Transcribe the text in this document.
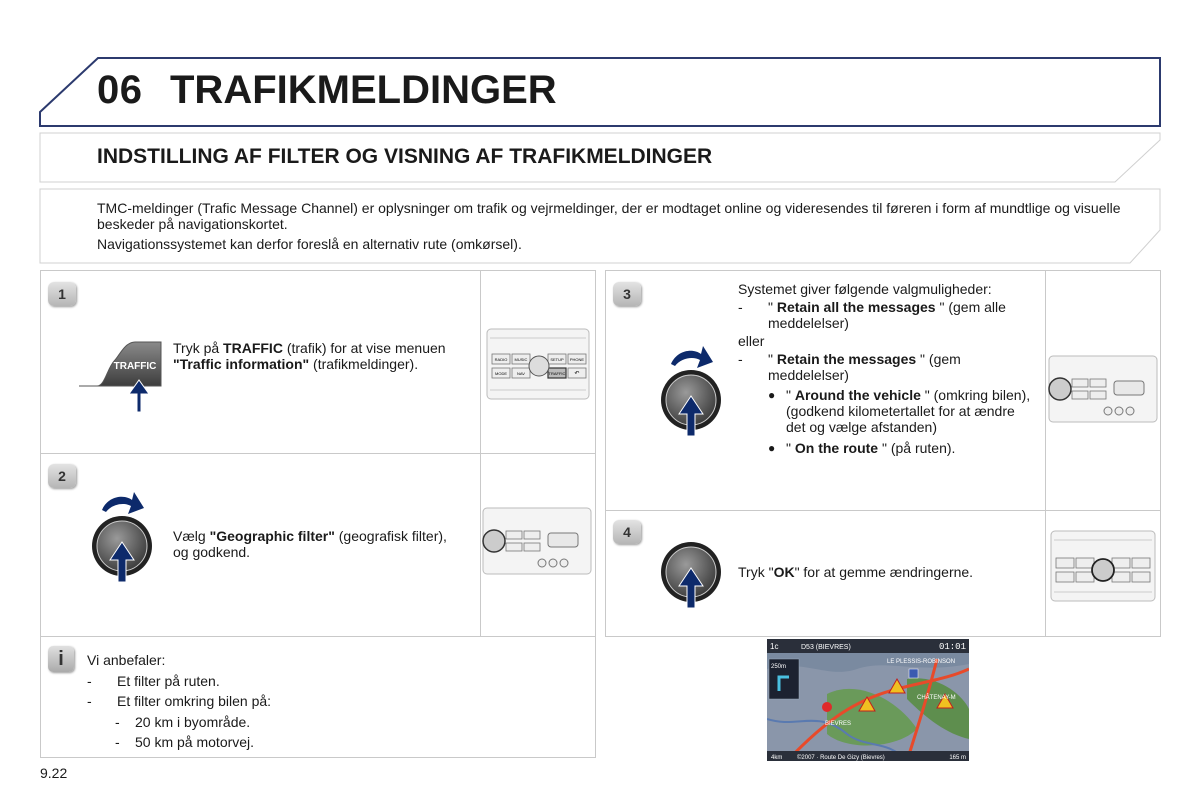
06 TRAFIKMELDINGER
INDSTILLING AF FILTER OG VISNING AF TRAFIKMELDINGER

TMC-meldinger (Trafic Message Channel) er oplysninger om trafik og vejrmeldinger, der er modtaget online og videresendes til føreren i form af mundtlige og visuelle beskeder på navigationskortet.

Navigationssystemet kan derfor foreslå en alternativ rute (omkørsel).

1
2
3
4
TRAFFIC
Tryk på TRAFFIC (trafik) for at vise menuen "Traffic information" (trafikmeldinger).
Vælg "Geographic filter" (geografisk filter), og godkend.
Systemet giver følgende valgmuligheder:
- " Retain all the messages " (gem alle meddelelser)
eller
- " Retain the messages " (gem meddelelser)
● " Around the vehicle " (omkring bilen), (godkend kilometertallet for at ændre det og vælge afstanden)
● " On the route " (på ruten).
Tryk "OK" for at gemme ændringerne.
RADIO MUSIC	SETUP PHONE
MODE	NAV	TRAFFIC ↶
i	Vi anbefaler:
- Et filter på ruten.
- Et filter omkring bilen på:
- 20 km i byområde.
- 50 km på motorvej.
1c	D53 (BIEVRES)	01:01
250m
LE PLESSIS-ROBINSON
CHÂTENAY-M
BIEVRES
4km ©2007 · Route De Gizy (Bievres)	165 m
9.22
